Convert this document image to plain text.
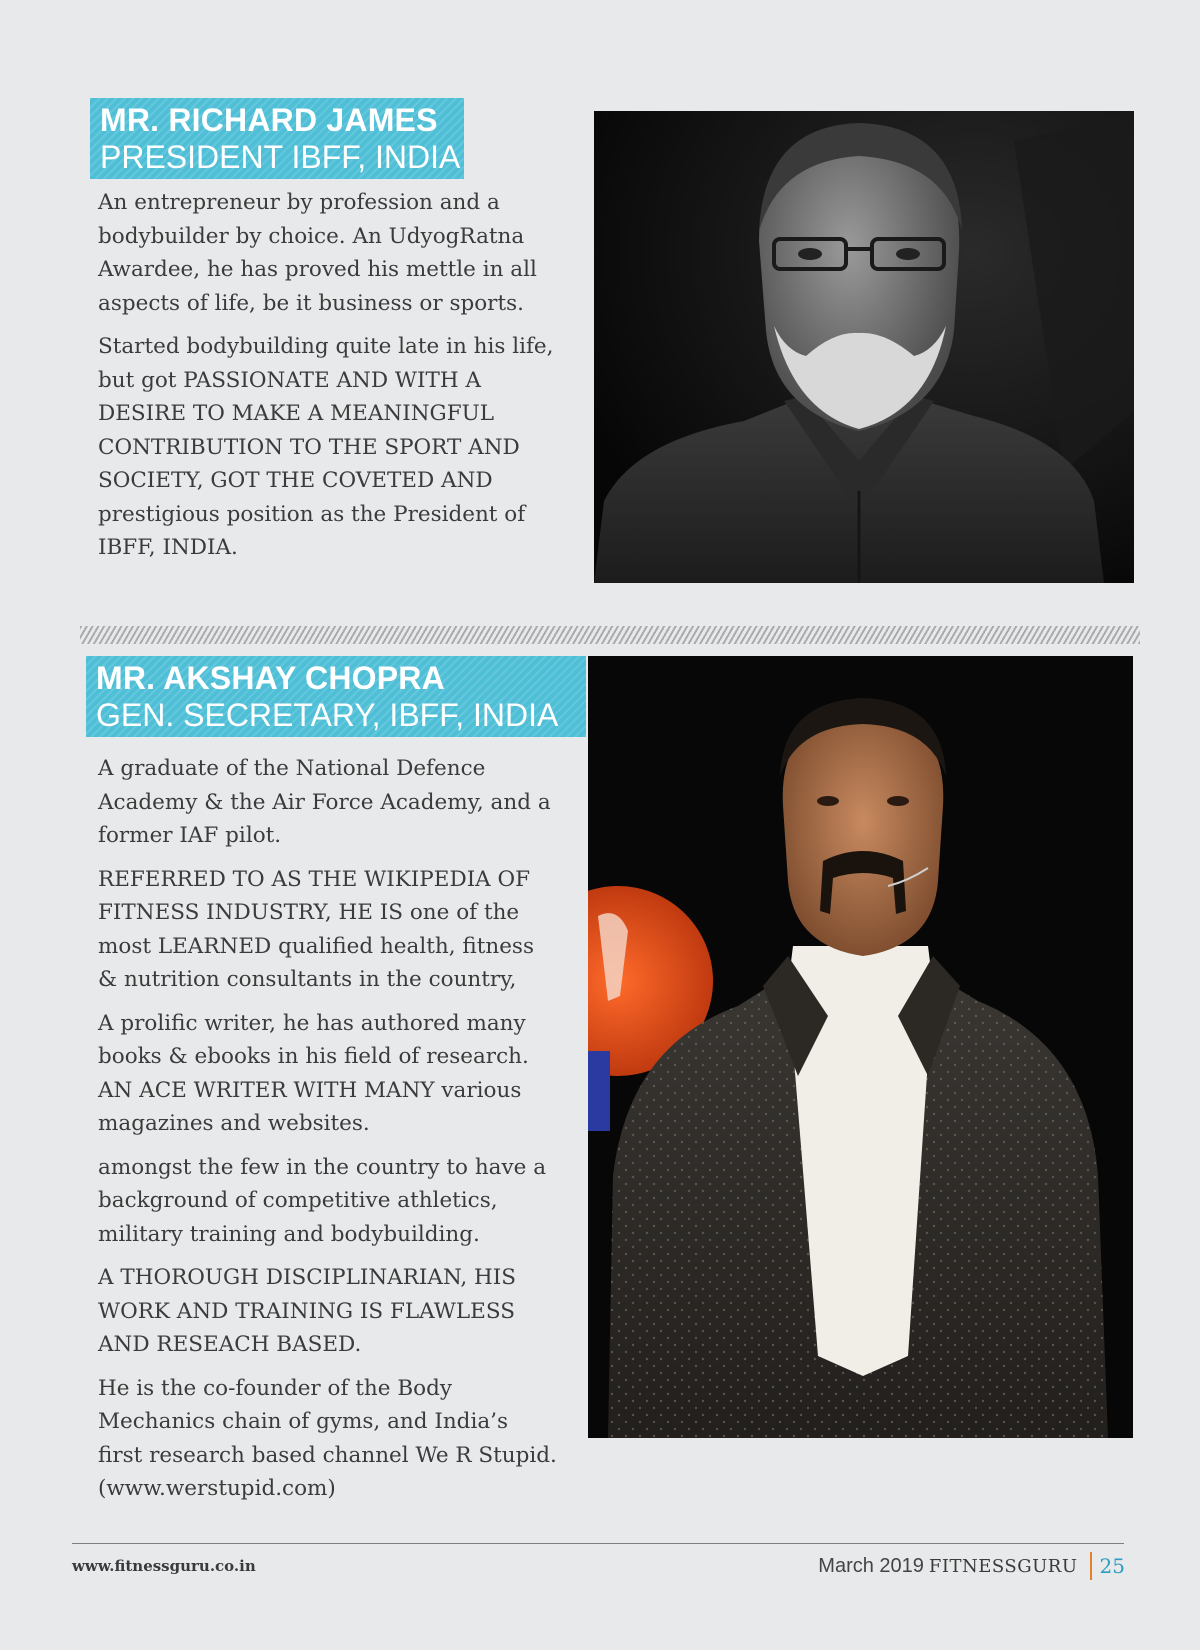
MR. RICHARD JAMES
PRESIDENT IBFF, INDIA

An entrepreneur by profession and a bodybuilder by choice. An UdyogRatna Awardee, he has proved his mettle in all aspects of life, be it business or sports.

Started bodybuilding quite late in his life, but got PASSIONATE AND WITH A DESIRE TO MAKE A MEANINGFUL CONTRIBUTION TO THE SPORT AND SOCIETY, GOT THE COVETED AND prestigious position as the President of IBFF, INDIA.

MR. AKSHAY CHOPRA
GEN. SECRETARY, IBFF, INDIA

A graduate of the National Defence Academy & the Air Force Academy, and a former IAF pilot.

REFERRED TO AS THE WIKIPEDIA OF FITNESS INDUSTRY, HE IS one of the most LEARNED qualified health, fitness & nutrition consultants in the country,

A prolific writer, he has authored many books & ebooks in his field of research. AN ACE WRITER WITH MANY various magazines and websites.

amongst the few in the country to have a background of competitive athletics, military training and bodybuilding.

A THOROUGH DISCIPLINARIAN, HIS WORK AND TRAINING IS FLAWLESS AND RESEACH BASED.

He is the co-founder of the Body Mechanics chain of gyms, and India’s first research based channel We R Stupid. (www.werstupid.com)

www.fitnessguru.co.in	March 2019 FITNESSGURU 25
